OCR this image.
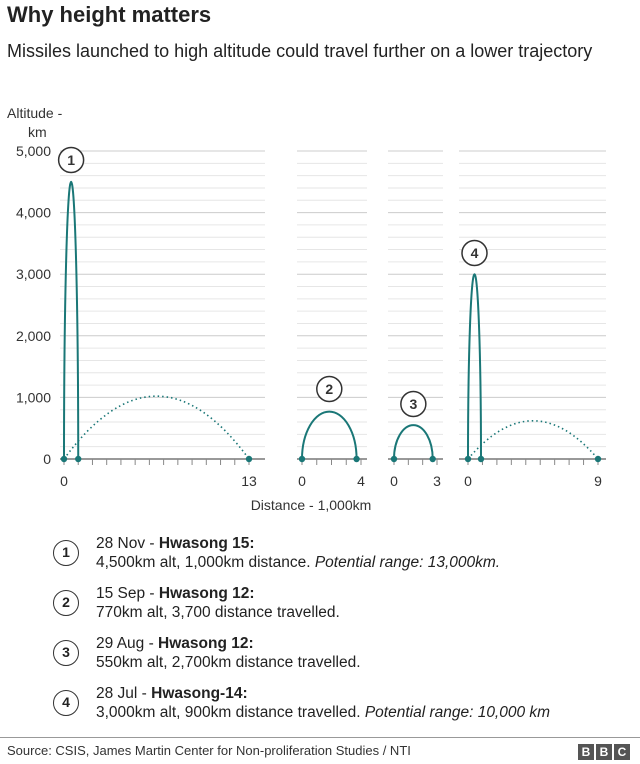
Why height matters
Missiles launched to high altitude could travel further on a lower trajectory
Altitude -
km
0
1,000
2,000
3,000
4,000
5,000
0	13
1
0	4
2
0	3
3
0	9
4
Distance - 1,000km
1	28 Nov - Hwasong 15:
4,500km alt, 1,000km distance. Potential range: 13,000km.
2	15 Sep - Hwasong 12:
770km alt, 3,700 distance travelled.
3	29 Aug - Hwasong 12:
550km alt, 2,700km distance travelled.
4	28 Jul - Hwasong-14:
3,000km alt, 900km distance travelled. Potential range: 10,000 km
Source: CSIS, James Martin Center for Non-proliferation Studies / NTI	B B C
